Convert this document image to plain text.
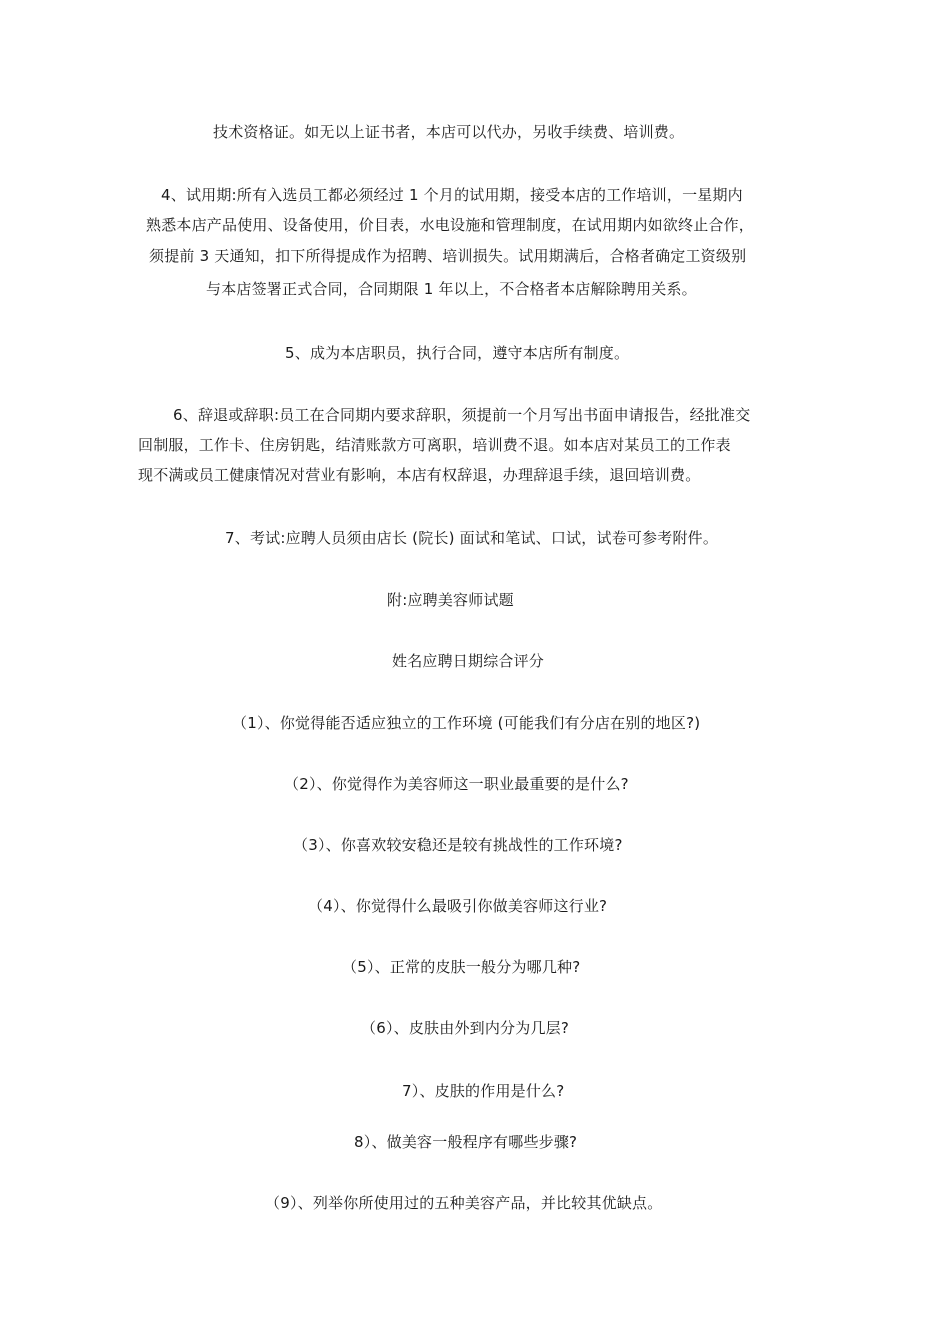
技术资格证。如无以上证书者，本店可以代办，另收手续费、培训费。
4、试用期:所有入选员工都必须经过 1 个月的试用期，接受本店的工作培训，一星期内
熟悉本店产品使用、设备使用，价目表，水电设施和管理制度，在试用期内如欲终止合作，
须提前 3 天通知，扣下所得提成作为招聘、培训损失。试用期满后，合格者确定工资级别
与本店签署正式合同，合同期限 1 年以上，不合格者本店解除聘用关系。
5、成为本店职员，执行合同，遵守本店所有制度。
6、辞退或辞职:员工在合同期内要求辞职，须提前一个月写出书面申请报告，经批准交
回制服，工作卡、住房钥匙，结清账款方可离职，培训费不退。如本店对某员工的工作表
现不满或员工健康情况对营业有影响，本店有权辞退，办理辞退手续，退回培训费。
7、考试:应聘人员须由店长 (院长) 面试和笔试、口试，试卷可参考附件。
附:应聘美容师试题
姓名应聘日期综合评分
（1）、你觉得能否适应独立的工作环境 (可能我们有分店在别的地区?)
（2）、你觉得作为美容师这一职业最重要的是什么?
（3）、你喜欢较安稳还是较有挑战性的工作环境?
（4）、你觉得什么最吸引你做美容师这行业?
（5）、正常的皮肤一般分为哪几种?
（6）、皮肤由外到内分为几层?
7）、皮肤的作用是什么?
8）、做美容一般程序有哪些步骤?
（9）、列举你所使用过的五种美容产品，并比较其优缺点。
